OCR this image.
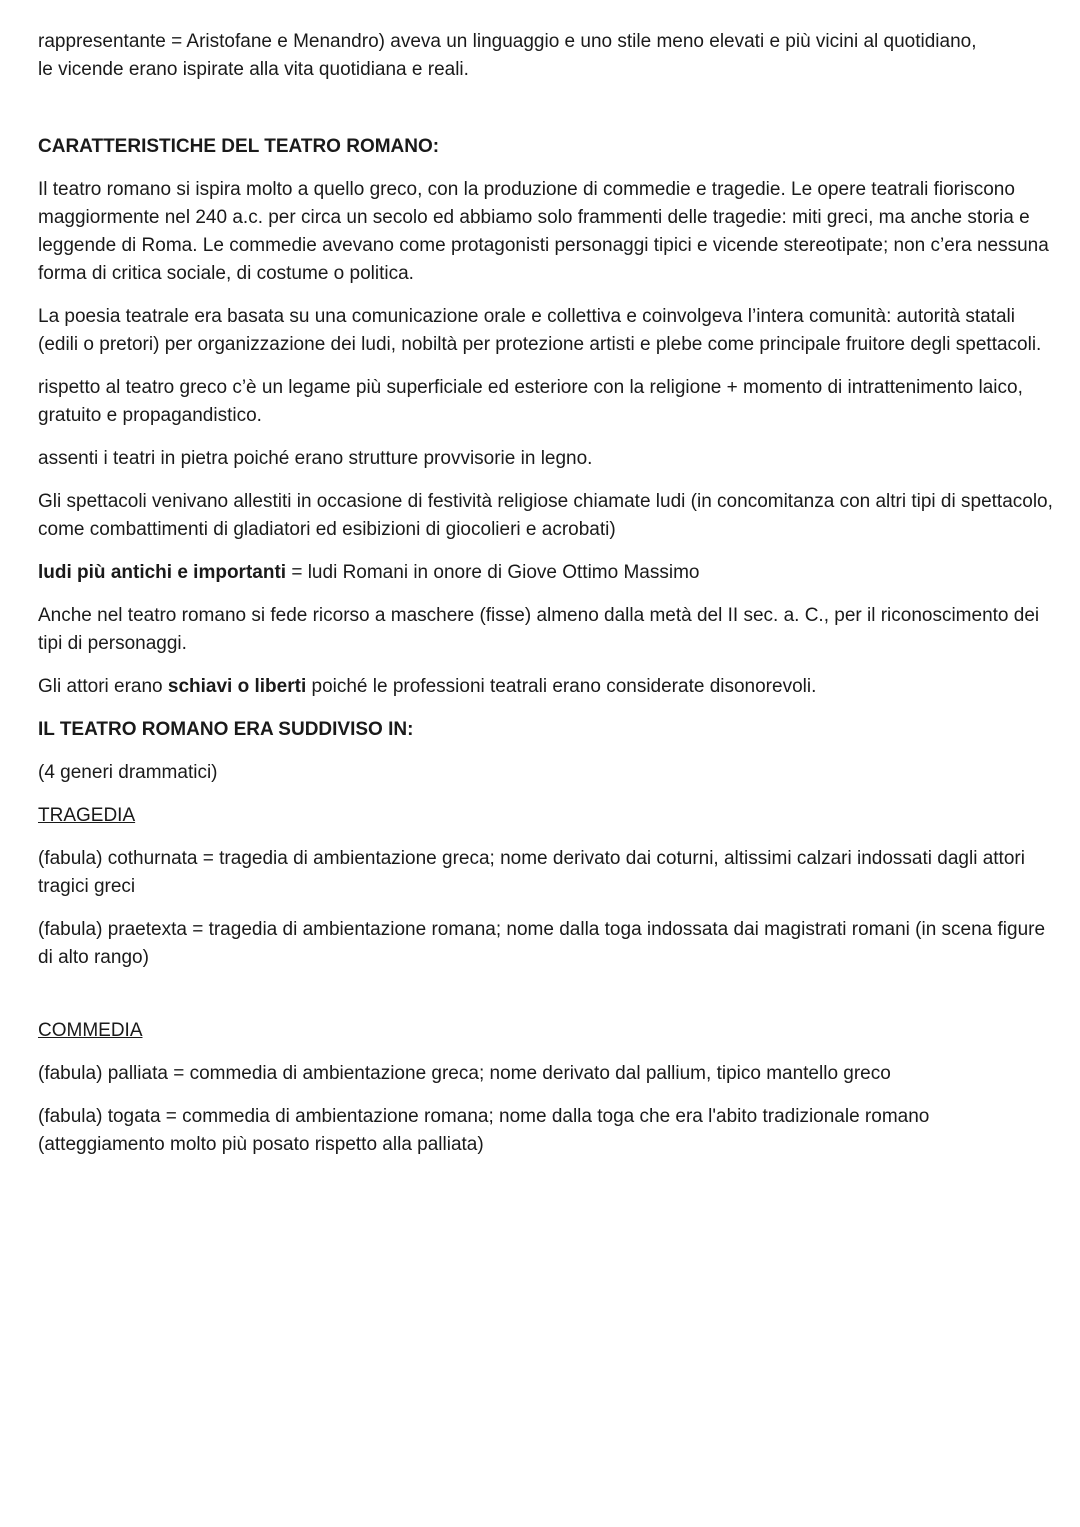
rappresentante = Aristofane e Menandro) aveva un linguaggio e uno stile meno elevati e più vicini al quotidiano,
le vicende erano ispirate alla vita quotidiana e reali.
CARATTERISTICHE DEL TEATRO ROMANO:
Il teatro romano si ispira molto a quello greco, con la produzione di commedie e tragedie. Le opere teatrali fioriscono maggiormente nel 240 a.c. per circa un secolo ed abbiamo solo frammenti delle tragedie: miti greci, ma anche storia e leggende di Roma. Le commedie avevano come protagonisti personaggi tipici e vicende stereotipate; non c’era nessuna forma di critica sociale, di costume o politica.
La poesia teatrale era basata su una comunicazione orale e collettiva e coinvolgeva l’intera comunità: autorità statali (edili o pretori) per organizzazione dei ludi, nobiltà per protezione artisti e plebe come principale fruitore degli spettacoli.
rispetto al teatro greco c’è un legame più superficiale ed esteriore con la religione + momento di intrattenimento laico, gratuito e propagandistico.
assenti i teatri in pietra poiché erano strutture provvisorie in legno.
Gli spettacoli venivano allestiti in occasione di festività religiose chiamate ludi (in concomitanza con altri tipi di spettacolo, come combattimenti di gladiatori ed esibizioni di giocolieri e acrobati)
ludi più antichi e importanti = ludi Romani in onore di Giove Ottimo Massimo
Anche nel teatro romano si fede ricorso a maschere (fisse) almeno dalla metà del II sec. a. C., per il riconoscimento dei tipi di personaggi.
Gli attori erano schiavi o liberti poiché le professioni teatrali erano considerate disonorevoli.
IL TEATRO ROMANO ERA SUDDIVISO IN:
(4 generi drammatici)
TRAGEDIA
(fabula) cothurnata = tragedia di ambientazione greca; nome derivato dai coturni, altissimi calzari indossati dagli attori tragici greci
(fabula) praetexta = tragedia di ambientazione romana; nome dalla toga indossata dai magistrati romani (in scena figure di alto rango)
COMMEDIA
(fabula) palliata = commedia di ambientazione greca; nome derivato dal pallium, tipico mantello greco
(fabula) togata = commedia di ambientazione romana; nome dalla toga che era l'abito tradizionale romano (atteggiamento molto più posato rispetto alla palliata)
